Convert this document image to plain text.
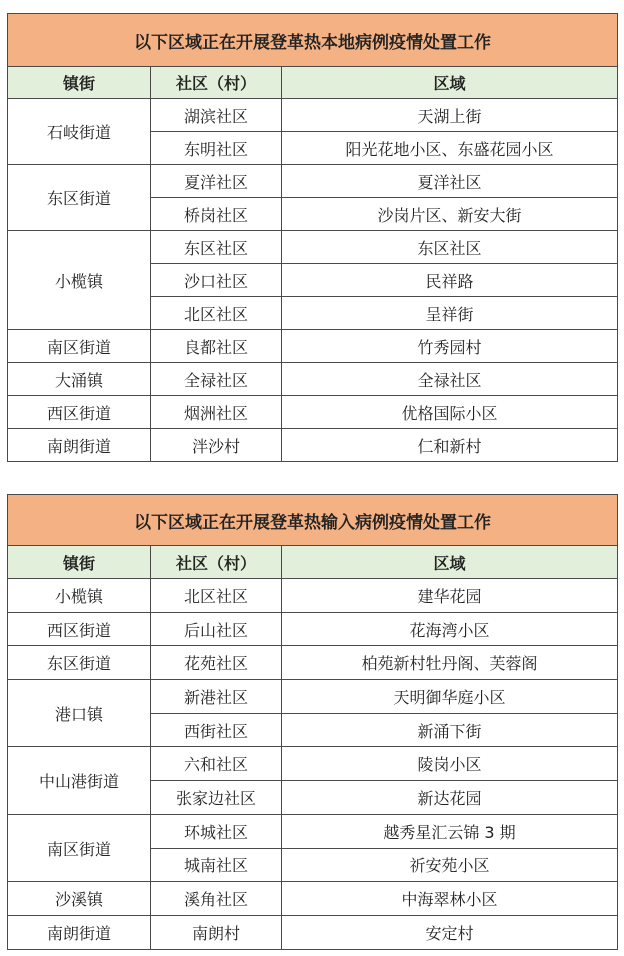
以下区域正在开展登革热本地病例疫情处置工作		
镇街	社区（村）	区域
石岐街道	湖滨社区	天湖上街
	东明社区	阳光花地小区、东盛花园小区
东区街道	夏洋社区	夏洋社区
	桥岗社区	沙岗片区、新安大街
小榄镇	东区社区	东区社区
	沙口社区	民祥路
	北区社区	呈祥街
南区街道	良都社区	竹秀园村
大涌镇	全禄社区	全禄社区
西区街道	烟洲社区	优格国际小区
南朗街道	泮沙村	仁和新村
以下区域正在开展登革热输入病例疫情处置工作		
镇街	社区（村）	区域
小榄镇	北区社区	建华花园
西区街道	后山社区	花海湾小区
东区街道	花苑社区	柏苑新村牡丹阁、芙蓉阁
港口镇	新港社区	天明御华庭小区
	西街社区	新涌下街
中山港街道	六和社区	陵岗小区
	张家边社区	新达花园
南区街道	环城社区	越秀星汇云锦 3 期
	城南社区	祈安苑小区
沙溪镇	溪角社区	中海翠林小区
南朗街道	南朗村	安定村
